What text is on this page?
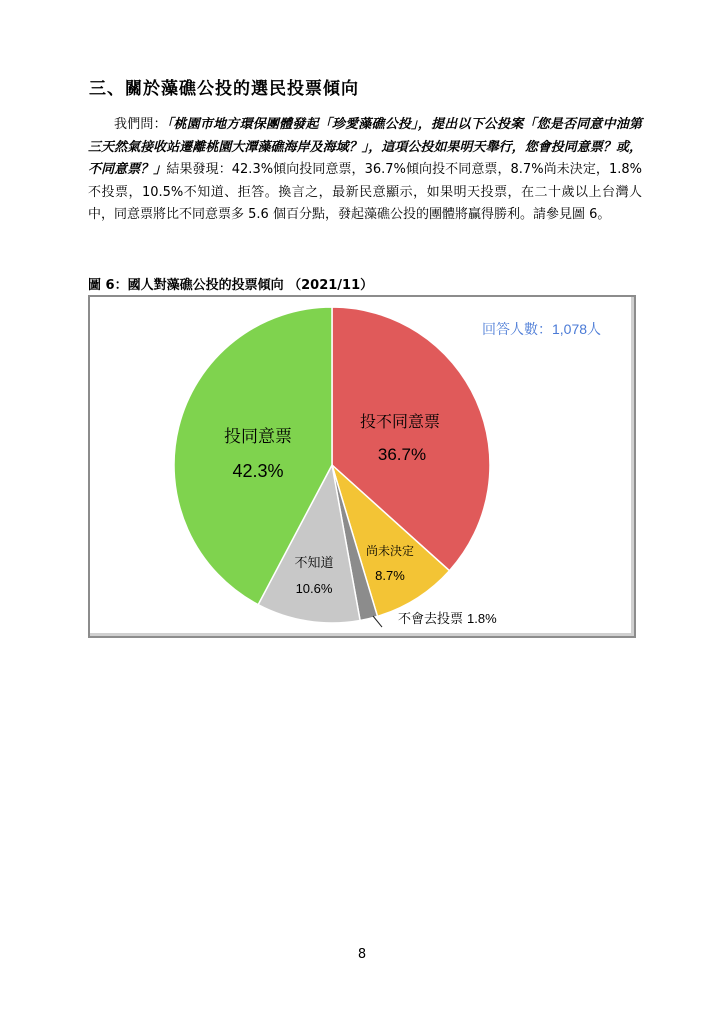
三、關於藻礁公投的選民投票傾向
我們問：「桃園市地方環保團體發起「珍愛藻礁公投」，提出以下公投案「您是否同意中油第三天然氣接收站遷離桃園大潭藻礁海岸及海域？」，這項公投如果明天舉行，您會投同意票？或，不同意票？」結果發現：42.3%傾向投同意票，36.7%傾向投不同意票，8.7%尚未決定，1.8%不投票，10.5%不知道、拒答。換言之，最新民意顯示，如果明天投票，在二十歲以上台灣人中，同意票將比不同意票多 5.6 個百分點，發起藻礁公投的團體將贏得勝利。請參見圖 6。
圖 6：國人對藻礁公投的投票傾向 （2021/11）
回答人數：1,078人
投不同意票
36.7%
尚未決定
8.7%
不會去投票 1.8%
不知道
10.6%
投同意票
42.3%
8
